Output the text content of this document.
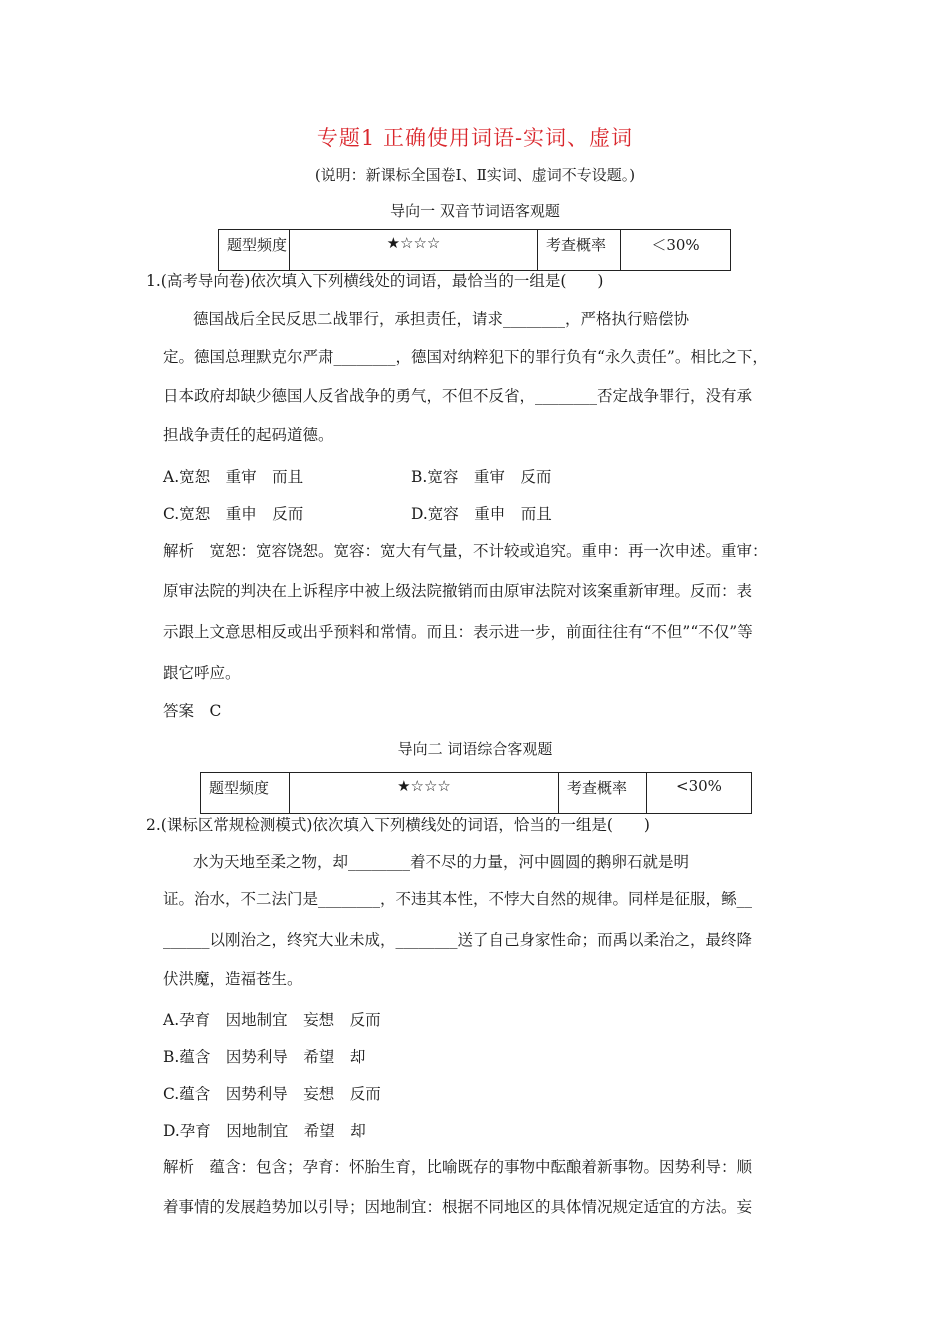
专题1 正确使用词语-实词、虚词
(说明：新课标全国卷Ⅰ、Ⅱ实词、虚词不专设题。)
导向一 双音节词语客观题
题型频度	★☆☆☆	考查概率	＜30%
1.(高考导向卷)依次填入下列横线处的词语，最恰当的一组是(　　)
德国战后全民反思二战罪行，承担责任，请求________，严格执行赔偿协
定。德国总理默克尔严肃________，德国对纳粹犯下的罪行负有“永久责任”。相比之下，
日本政府却缺少德国人反省战争的勇气，不但不反省，________否定战争罪行，没有承
担战争责任的起码道德。
A.宽恕　重审　而且	B.宽容　重审　反而
C.宽恕　重申　反而	D.宽容　重申　而且
解析　宽恕：宽容饶恕。宽容：宽大有气量，不计较或追究。重申：再一次申述。重审：
原审法院的判决在上诉程序中被上级法院撤销而由原审法院对该案重新审理。反而：表
示跟上文意思相反或出乎预料和常情。而且：表示进一步，前面往往有“不但”“不仅”等
跟它呼应。
答案　C
导向二 词语综合客观题
题型频度	★☆☆☆	考查概率	<30%
2.(课标区常规检测模式)依次填入下列横线处的词语，恰当的一组是(　　)
水为天地至柔之物，却________着不尽的力量，河中圆圆的鹅卵石就是明
证。治水，不二法门是________，不违其本性，不悖大自然的规律。同样是征服，鲧__
______以刚治之，终究大业未成，________送了自己身家性命；而禹以柔治之，最终降
伏洪魔，造福苍生。
A.孕育　因地制宜　妄想　反而
B.蕴含　因势利导　希望　却
C.蕴含　因势利导　妄想　反而
D.孕育　因地制宜　希望　却
解析　蕴含：包含；孕育：怀胎生育，比喻既存的事物中酝酿着新事物。因势利导：顺
着事情的发展趋势加以引导；因地制宜：根据不同地区的具体情况规定适宜的方法。妄
